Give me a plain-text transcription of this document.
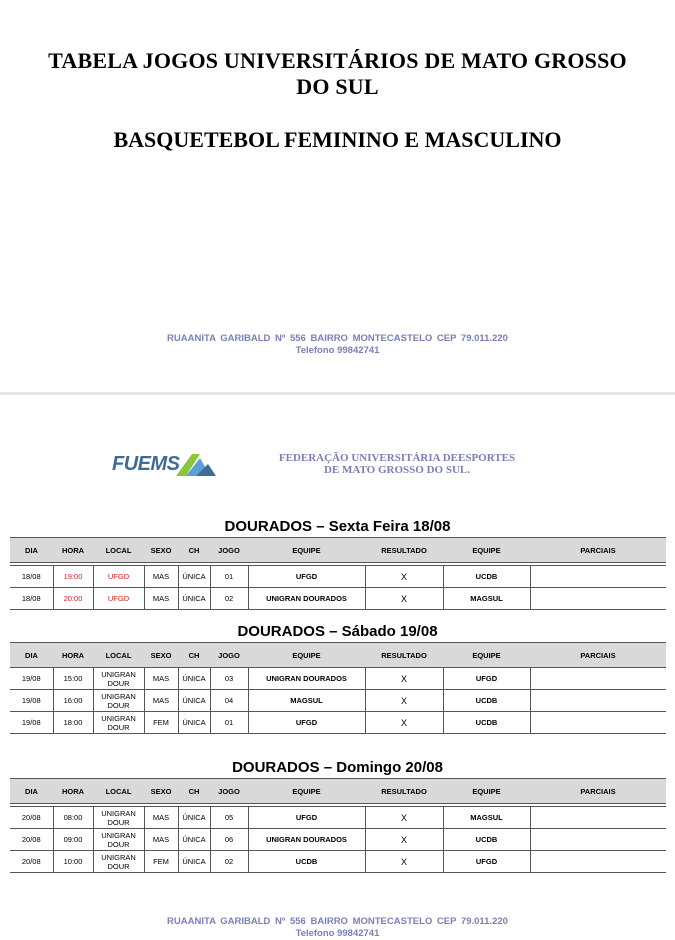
TABELA JOGOS UNIVERSITÁRIOS DE MATO GROSSO
DO SUL
BASQUETEBOL FEMININO E MASCULINO
RUAANITA GARIBALD Nº 556 BAIRRO MONTECASTELO CEP 79.011.220
Telefono 99842741
FUEMS	FEDERAÇÃO UNIVERSITÁRIA DEESPORTES
DE MATO GROSSO DO SUL.
DOURADOS – Sexta Feira 18/08
DIA	HORA	LOCAL	SEXO	CH	JOGO	EQUIPE	RESULTADO	EQUIPE	PARCIAIS

18/08	19:00	UFGD	MAS	ÚNICA	01	UFGD	X	UCDB	
18/08	20:00	UFGD	MAS	ÚNICA	02	UNIGRAN DOURADOS	X	MAGSUL	
DOURADOS – Sábado 19/08
DIA	HORA	LOCAL	SEXO	CH	JOGO	EQUIPE	RESULTADO	EQUIPE	PARCIAIS
19/08	15:00	UNIGRAN DOUR	MAS	ÚNICA	03	UNIGRAN DOURADOS	X	UFGD	
19/08	16:00	UNIGRAN DOUR	MAS	ÚNICA	04	MAGSUL	X	UCDB	
19/08	18:00	UNIGRAN DOUR	FEM	ÚNICA	01	UFGD	X	UCDB	
DOURADOS – Domingo 20/08
DIA	HORA	LOCAL	SEXO	CH	JOGO	EQUIPE	RESULTADO	EQUIPE	PARCIAIS

20/08	08:00	UNIGRAN DOUR	MAS	ÚNICA	05	UFGD	X	MAGSUL	
20/08	09:00	UNIGRAN DOUR	MAS	ÚNICA	06	UNIGRAN DOURADOS	X	UCDB	
20/08	10:00	UNIGRAN DOUR	FEM	ÚNICA	02	UCDB	X	UFGD	
RUAANITA GARIBALD Nº 556 BAIRRO MONTECASTELO CEP 79.011.220
Telefono 99842741
